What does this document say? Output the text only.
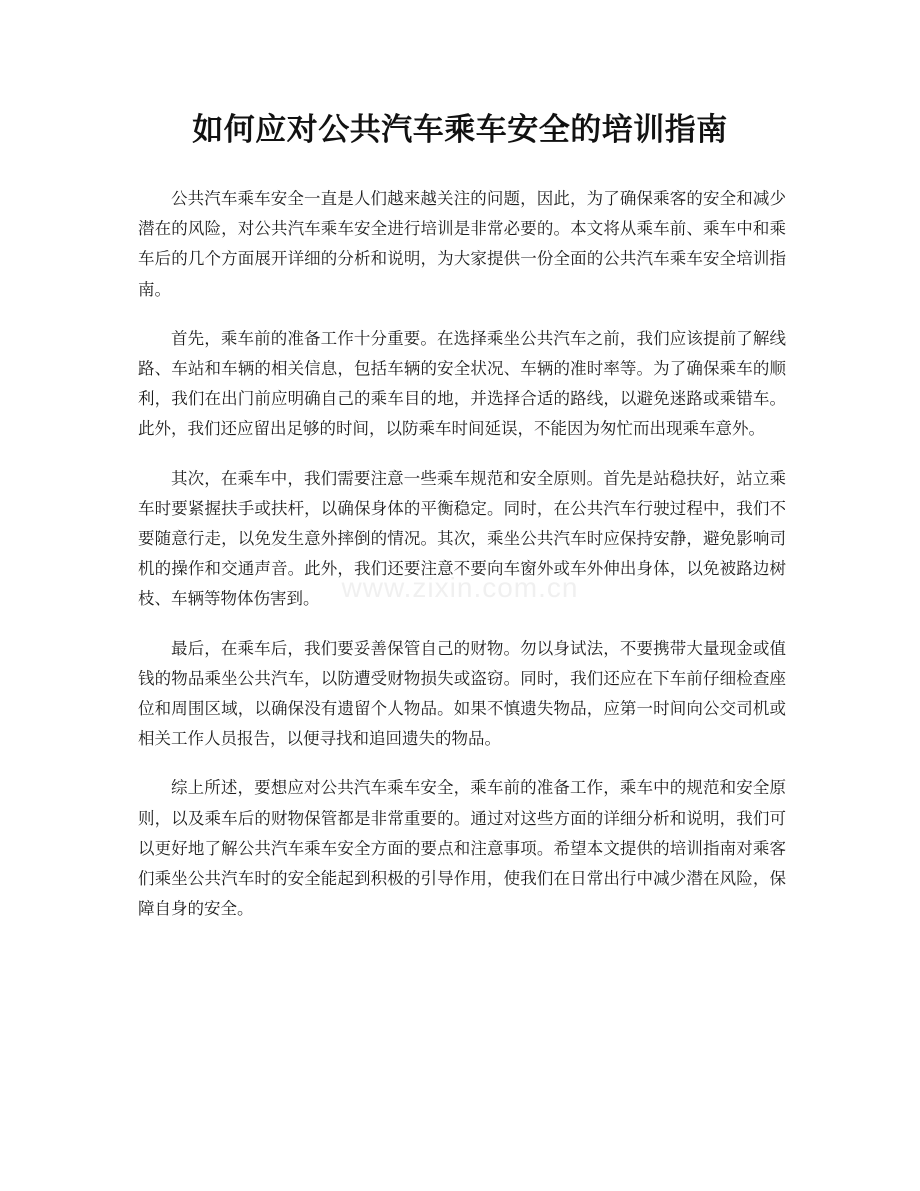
如何应对公共汽车乘车安全的培训指南
www.zixin.com.cn

公共汽车乘车安全一直是人们越来越关注的问题，因此，为了确保乘客的安全和减少潜在的风险，对公共汽车乘车安全进行培训是非常必要的。本文将从乘车前、乘车中和乘车后的几个方面展开详细的分析和说明，为大家提供一份全面的公共汽车乘车安全培训指南。

首先，乘车前的准备工作十分重要。在选择乘坐公共汽车之前，我们应该提前了解线路、车站和车辆的相关信息，包括车辆的安全状况、车辆的准时率等。为了确保乘车的顺利，我们在出门前应明确自己的乘车目的地，并选择合适的路线，以避免迷路或乘错车。此外，我们还应留出足够的时间，以防乘车时间延误，不能因为匆忙而出现乘车意外。

其次，在乘车中，我们需要注意一些乘车规范和安全原则。首先是站稳扶好，站立乘车时要紧握扶手或扶杆，以确保身体的平衡稳定。同时，在公共汽车行驶过程中，我们不要随意行走，以免发生意外摔倒的情况。其次，乘坐公共汽车时应保持安静，避免影响司机的操作和交通声音。此外，我们还要注意不要向车窗外或车外伸出身体，以免被路边树枝、车辆等物体伤害到。

最后，在乘车后，我们要妥善保管自己的财物。勿以身试法，不要携带大量现金或值钱的物品乘坐公共汽车，以防遭受财物损失或盗窃。同时，我们还应在下车前仔细检查座位和周围区域，以确保没有遗留个人物品。如果不慎遗失物品，应第一时间向公交司机或相关工作人员报告，以便寻找和追回遗失的物品。

综上所述，要想应对公共汽车乘车安全，乘车前的准备工作，乘车中的规范和安全原则，以及乘车后的财物保管都是非常重要的。通过对这些方面的详细分析和说明，我们可以更好地了解公共汽车乘车安全方面的要点和注意事项。希望本文提供的培训指南对乘客们乘坐公共汽车时的安全能起到积极的引导作用，使我们在日常出行中减少潜在风险，保障自身的安全。
